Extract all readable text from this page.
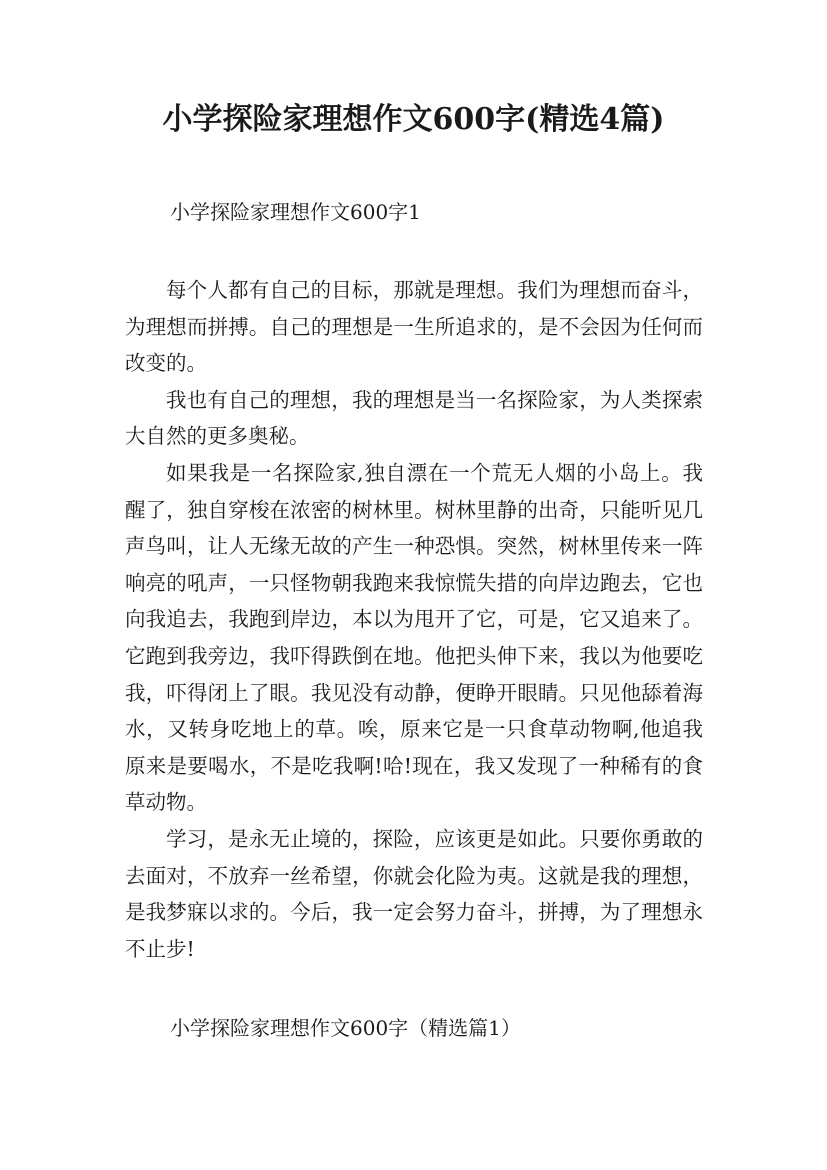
小学探险家理想作文600字(精选4篇)
小学探险家理想作文600字1

每个人都有自己的目标，那就是理想。我们为理想而奋斗，为理想而拼搏。自己的理想是一生所追求的，是不会因为任何而改变的。

我也有自己的理想，我的理想是当一名探险家，为人类探索大自然的更多奥秘。

如果我是一名探险家,独自漂在一个荒无人烟的小岛上。我醒了，独自穿梭在浓密的树林里。树林里静的出奇，只能听见几声鸟叫，让人无缘无故的产生一种恐惧。突然，树林里传来一阵响亮的吼声，一只怪物朝我跑来我惊慌失措的向岸边跑去，它也向我追去，我跑到岸边，本以为甩开了它，可是，它又追来了。它跑到我旁边，我吓得跌倒在地。他把头伸下来，我以为他要吃我，吓得闭上了眼。我见没有动静，便睁开眼睛。只见他舔着海水，又转身吃地上的草。唉，原来它是一只食草动物啊,他追我原来是要喝水，不是吃我啊!哈!现在，我又发现了一种稀有的食草动物。

学习，是永无止境的，探险，应该更是如此。只要你勇敢的去面对，不放弃一丝希望，你就会化险为夷。这就是我的理想，是我梦寐以求的。今后，我一定会努力奋斗，拼搏，为了理想永不止步!

小学探险家理想作文600字（精选篇1）
